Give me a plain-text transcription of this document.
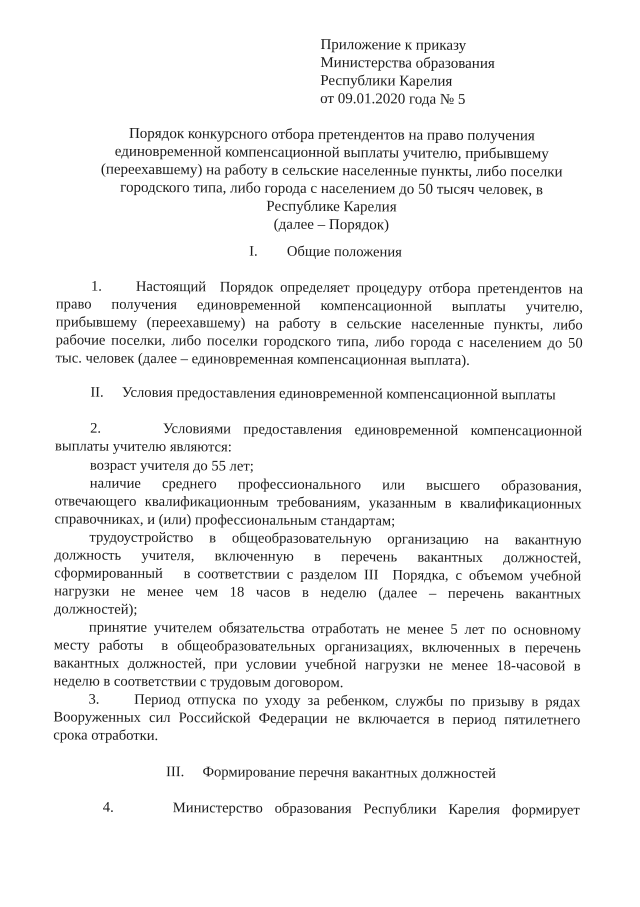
Приложение к приказу
Министерства образования
Республики Карелия
от 09.01.2020 года № 5
Порядок конкурсного отбора претендентов на право получения
единовременной компенсационной выплаты учителю, прибывшему
(переехавшему) на работу в сельские населенные пункты, либо поселки
городского типа, либо города с населением до 50 тысяч человек, в
Республике Карелия
(далее – Порядок)
I.        Общие положения
1.     Настоящий  Порядок определяет процедуру отбора претендентов на
право получения единовременной компенсационной выплаты учителю,
прибывшему (переехавшему) на работу в сельские населенные пункты, либо
рабочие поселки, либо поселки городского типа, либо города с населением до 50
тыс. человек (далее – единовременная компенсационная выплата).
II.     Условия предоставления единовременной компенсационной выплаты
2.     Условиями предоставления единовременной компенсационной
выплаты учителю являются:
возраст учителя до 55 лет;
наличие среднего профессионального или высшего образования,
отвечающего квалификационным требованиям, указанным в квалификационных
справочниках, и (или) профессиональным стандартам;
трудоустройство в общеобразовательную организацию на вакантную
должность учителя, включенную в перечень вакантных должностей,
сформированный   в соответствии с разделом III  Порядка, с объемом учебной
нагрузки не менее чем 18 часов в неделю (далее – перечень вакантных
должностей);
принятие учителем обязательства отработать не менее 5 лет по основному
месту работы  в общеобразовательных организациях, включенных в перечень
вакантных должностей, при условии учебной нагрузки не менее 18-часовой в
неделю в соответствии с трудовым договором.
3.     Период отпуска по уходу за ребенком, службы по призыву в рядах
Вооруженных сил Российской Федерации не включается в период пятилетнего
срока отработки.
III.     Формирование перечня вакантных должностей
4.     Министерство образования Республики Карелия формирует
